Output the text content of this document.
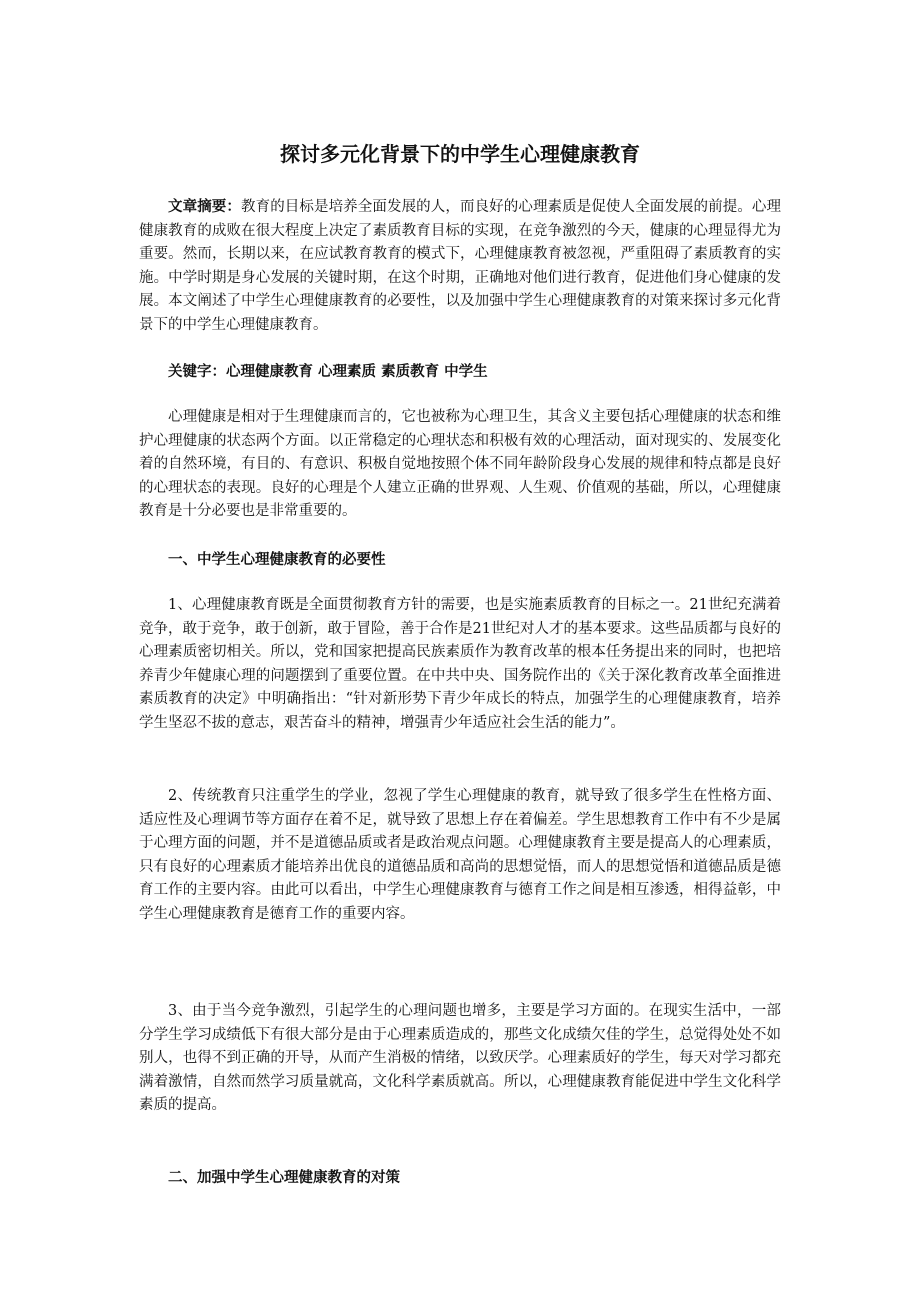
探讨多元化背景下的中学生心理健康教育

文章摘要：教育的目标是培养全面发展的人，而良好的心理素质是促使人全面发展的前提。心理健康教育的成败在很大程度上决定了素质教育目标的实现，在竞争激烈的今天，健康的心理显得尤为重要。然而，长期以来，在应试教育教育的模式下，心理健康教育被忽视，严重阻碍了素质教育的实施。中学时期是身心发展的关键时期，在这个时期，正确地对他们进行教育，促进他们身心健康的发展。本文阐述了中学生心理健康教育的必要性，以及加强中学生心理健康教育的对策来探讨多元化背景下的中学生心理健康教育。

关键字：心理健康教育 心理素质 素质教育 中学生

心理健康是相对于生理健康而言的，它也被称为心理卫生，其含义主要包括心理健康的状态和维护心理健康的状态两个方面。以正常稳定的心理状态和积极有效的心理活动，面对现实的、发展变化着的自然环境，有目的、有意识、积极自觉地按照个体不同年龄阶段身心发展的规律和特点都是良好的心理状态的表现。良好的心理是个人建立正确的世界观、人生观、价值观的基础，所以，心理健康教育是十分必要也是非常重要的。

一、中学生心理健康教育的必要性

1、心理健康教育既是全面贯彻教育方针的需要，也是实施素质教育的目标之一。21世纪充满着竞争，敢于竞争，敢于创新，敢于冒险，善于合作是21世纪对人才的基本要求。这些品质都与良好的心理素质密切相关。所以，党和国家把提高民族素质作为教育改革的根本任务提出来的同时，也把培养青少年健康心理的问题摆到了重要位置。在中共中央、国务院作出的《关于深化教育改革全面推进素质教育的决定》中明确指出：“针对新形势下青少年成长的特点，加强学生的心理健康教育，培养学生坚忍不拔的意志，艰苦奋斗的精神，增强青少年适应社会生活的能力”。

2、传统教育只注重学生的学业，忽视了学生心理健康的教育，就导致了很多学生在性格方面、适应性及心理调节等方面存在着不足，就导致了思想上存在着偏差。学生思想教育工作中有不少是属于心理方面的问题，并不是道德品质或者是政治观点问题。心理健康教育主要是提高人的心理素质，只有良好的心理素质才能培养出优良的道德品质和高尚的思想觉悟，而人的思想觉悟和道德品质是德育工作的主要内容。由此可以看出，中学生心理健康教育与德育工作之间是相互渗透，相得益彰，中学生心理健康教育是德育工作的重要内容。

3、由于当今竞争激烈，引起学生的心理问题也增多，主要是学习方面的。在现实生活中，一部分学生学习成绩低下有很大部分是由于心理素质造成的，那些文化成绩欠佳的学生，总觉得处处不如别人，也得不到正确的开导，从而产生消极的情绪，以致厌学。心理素质好的学生，每天对学习都充满着激情，自然而然学习质量就高，文化科学素质就高。所以，心理健康教育能促进中学生文化科学素质的提高。

二、加强中学生心理健康教育的对策
